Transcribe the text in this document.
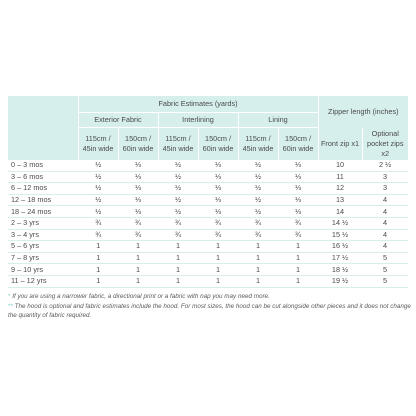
	Fabric Estimates (yards)						Zipper length (inches)	
	Exterior Fabric		Interlining		Lining			
	115cm / 45in wide	150cm / 60in wide	115cm / 45in wide	150cm / 60in wide	115cm / 45in wide	150cm / 60in wide	Front zip x1	Optional pocket zips x2
0 – 3 mos	½	⅓	½	⅓	½	⅓	10	2 ½
3 – 6 mos	½	⅓	½	⅓	½	⅓	11	3
6 – 12 mos	½	⅓	½	⅓	½	⅓	12	3
12 – 18 mos	½	⅓	½	⅓	½	⅓	13	4
18 – 24 mos	½	⅓	½	⅓	½	⅓	14	4
2 – 3 yrs	¾	¾	¾	¾	¾	¾	14 ½	4
3 – 4 yrs	¾	¾	¾	¾	¾	¾	15 ½	4
5 – 6 yrs	1	1	1	1	1	1	16 ½	4
7 – 8 yrs	1	1	1	1	1	1	17 ½	5
9 – 10 yrs	1	1	1	1	1	1	18 ½	5
11 – 12 yrs	1	1	1	1	1	1	19 ½	5

* If you are using a narrower fabric, a directional print or a fabric with nap you may need more.

** The hood is optional and fabric estimates include the hood. For most sizes, the hood can be cut alongside other pieces and it does not change the quantity of fabric required.
